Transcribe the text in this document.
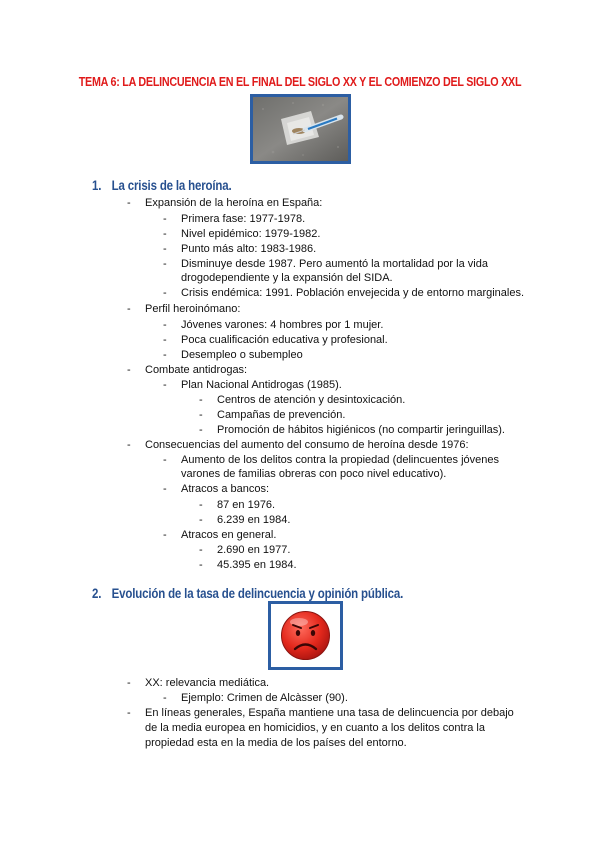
TEMA 6: LA DELINCUENCIA EN EL FINAL DEL SIGLO XX Y EL COMIENZO DEL SIGLO XXL
1. La crisis de la heroína.
- Expansión de la heroína en España:
- Primera fase: 1977-1978.
- Nivel epidémico: 1979-1982.
- Punto más alto: 1983-1986.
- Disminuye desde 1987. Pero aumentó la mortalidad por la vida
drogodependiente y la expansión del SIDA.
- Crisis endémica: 1991. Población envejecida y de entorno marginales.
- Perfil heroinómano:
- Jóvenes varones: 4 hombres por 1 mujer.
- Poca cualificación educativa y profesional.
- Desempleo o subempleo
- Combate antidrogas:
- Plan Nacional Antidrogas (1985).
- Centros de atención y desintoxicación.
- Campañas de prevención.
- Promoción de hábitos higiénicos (no compartir jeringuillas).
- Consecuencias del aumento del consumo de heroína desde 1976:
- Aumento de los delitos contra la propiedad (delincuentes jóvenes
varones de familias obreras con poco nivel educativo).
- Atracos a bancos:
- 87 en 1976.
- 6.239 en 1984.
- Atracos en general.
- 2.690 en 1977.
- 45.395 en 1984.
2. Evolución de la tasa de delincuencia y opinión pública.
- XX: relevancia mediática.
- Ejemplo: Crimen de Alcàsser (90).
- En líneas generales, España mantiene una tasa de delincuencia por debajo
de la media europea en homicidios, y en cuanto a los delitos contra la
propiedad esta en la media de los países del entorno.
